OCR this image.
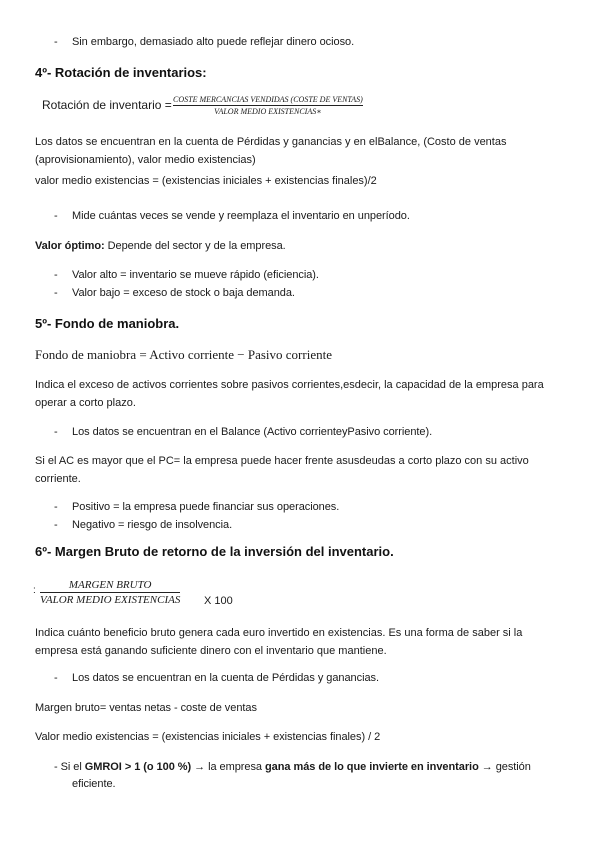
- Sin embargo, demasiado alto puede reflejar dinero ocioso.
4º- Rotación de inventarios:
Rotación de inventario = COSTE MERCANCIAS VENDIDAS (COSTE DE VENTAS)
VALOR MEDIO EXISTENCIAS∗
Los datos se encuentran en la cuenta de Pérdidas y ganancias y en elBalance, (Costo de ventas (aprovisionamiento), valor medio existencias)
valor medio existencias = (existencias iniciales + existencias finales)/2
- Mide cuántas veces se vende y reemplaza el inventario en unperíodo.
Valor óptimo: Depende del sector y de la empresa.
- Valor alto = inventario se mueve rápido (eficiencia).
- Valor bajo = exceso de stock o baja demanda.
5º- Fondo de maniobra.
Fondo de maniobra = Activo corriente − Pasivo corriente
Indica el exceso de activos corrientes sobre pasivos corrientes,esdecir, la capacidad de la empresa para operar a corto plazo.
- Los datos se encuentran en el Balance (Activo corrienteyPasivo corriente).
Si el AC es mayor que el PC= la empresa puede hacer frente asusdeudas a corto plazo con su activo corriente.
- Positivo = la empresa puede financiar sus operaciones.
- Negativo = riesgo de insolvencia.
6º- Margen Bruto de retorno de la inversión del inventario.
:	MARGEN BRUTO
VALOR MEDIO EXISTENCIAS X 100
Indica cuánto beneficio bruto genera cada euro invertido en existencias. Es una forma de saber si la empresa está ganando suficiente dinero con el inventario que mantiene.
- Los datos se encuentran en la cuenta de Pérdidas y ganancias.
Margen bruto= ventas netas - coste de ventas
Valor medio existencias = (existencias iniciales + existencias finales) / 2
- Si el GMROI > 1 (o 100 %) → la empresa gana más de lo que invierte en inventario → gestión
eficiente.
